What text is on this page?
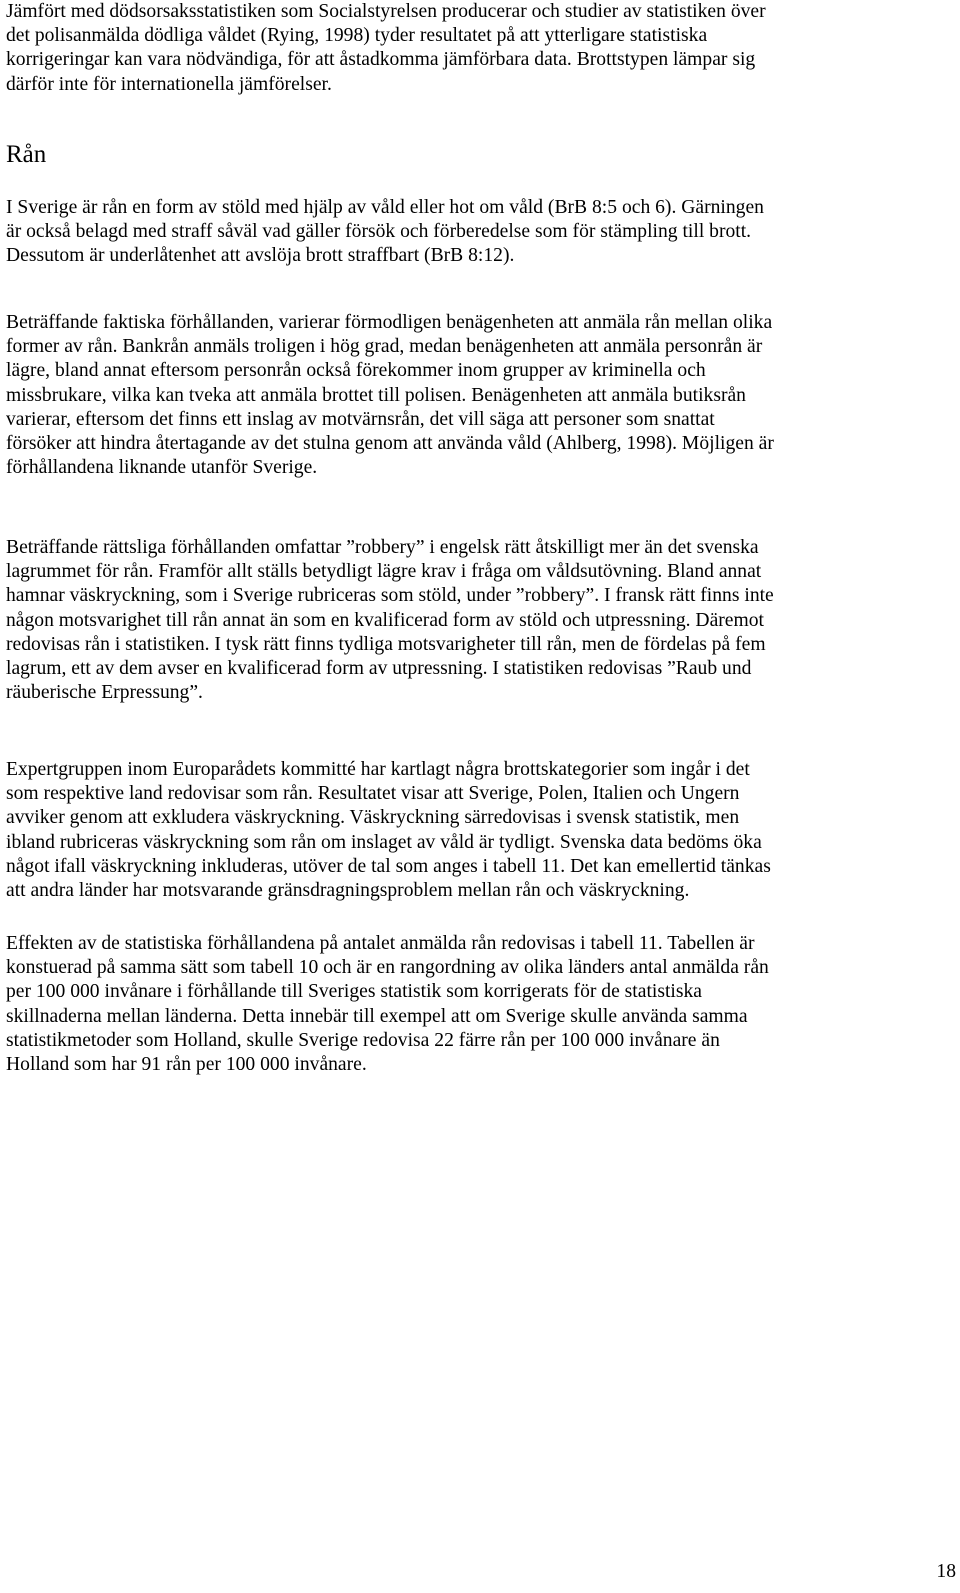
Jämfört med dödsorsaksstatistiken som Socialstyrelsen producerar och studier av statistiken över
det polisanmälda dödliga våldet (Rying, 1998) tyder resultatet på att ytterligare statistiska
korrigeringar kan vara nödvändiga, för att åstadkomma jämförbara data. Brottstypen lämpar sig
därför inte för internationella jämförelser.

Rån

I Sverige är rån en form av stöld med hjälp av våld eller hot om våld (BrB 8:5 och 6). Gärningen
är också belagd med straff såväl vad gäller försök och förberedelse som för stämpling till brott.
Dessutom är underlåtenhet att avslöja brott straffbart (BrB 8:12).

Beträffande faktiska förhållanden, varierar förmodligen benägenheten att anmäla rån mellan olika
former av rån. Bankrån anmäls troligen i hög grad, medan benägenheten att anmäla personrån är
lägre, bland annat eftersom personrån också förekommer inom grupper av kriminella och
missbrukare, vilka kan tveka att anmäla brottet till polisen. Benägenheten att anmäla butiksrån
varierar, eftersom det finns ett inslag av motvärnsrån, det vill säga att personer som snattat
försöker att hindra återtagande av det stulna genom att använda våld (Ahlberg, 1998). Möjligen är
förhållandena liknande utanför Sverige.

Beträffande rättsliga förhållanden omfattar ”robbery” i engelsk rätt åtskilligt mer än det svenska
lagrummet för rån. Framför allt ställs betydligt lägre krav i fråga om våldsutövning. Bland annat
hamnar väskryckning, som i Sverige rubriceras som stöld, under ”robbery”. I fransk rätt finns inte
någon motsvarighet till rån annat än som en kvalificerad form av stöld och utpressning. Däremot
redovisas rån i statistiken. I tysk rätt finns tydliga motsvarigheter till rån, men de fördelas på fem
lagrum, ett av dem avser en kvalificerad form av utpressning. I statistiken redovisas ”Raub und
räuberische Erpressung”.

Expertgruppen inom Europarådets kommitté har kartlagt några brottskategorier som ingår i det
som respektive land redovisar som rån. Resultatet visar att Sverige, Polen, Italien och Ungern
avviker genom att exkludera väskryckning. Väskryckning särredovisas i svensk statistik, men
ibland rubriceras väskryckning som rån om inslaget av våld är tydligt. Svenska data bedöms öka
något ifall väskryckning inkluderas, utöver de tal som anges i tabell 11. Det kan emellertid tänkas
att andra länder har motsvarande gränsdragningsproblem mellan rån och väskryckning.

Effekten av de statistiska förhållandena på antalet anmälda rån redovisas i tabell 11. Tabellen är
konstuerad på samma sätt som tabell 10 och är en rangordning av olika länders antal anmälda rån
per 100 000 invånare i förhållande till Sveriges statistik som korrigerats för de statistiska
skillnaderna mellan länderna. Detta innebär till exempel att om Sverige skulle använda samma
statistikmetoder som Holland, skulle Sverige redovisa 22 färre rån per 100 000 invånare än
Holland som har 91 rån per 100 000 invånare.

18
